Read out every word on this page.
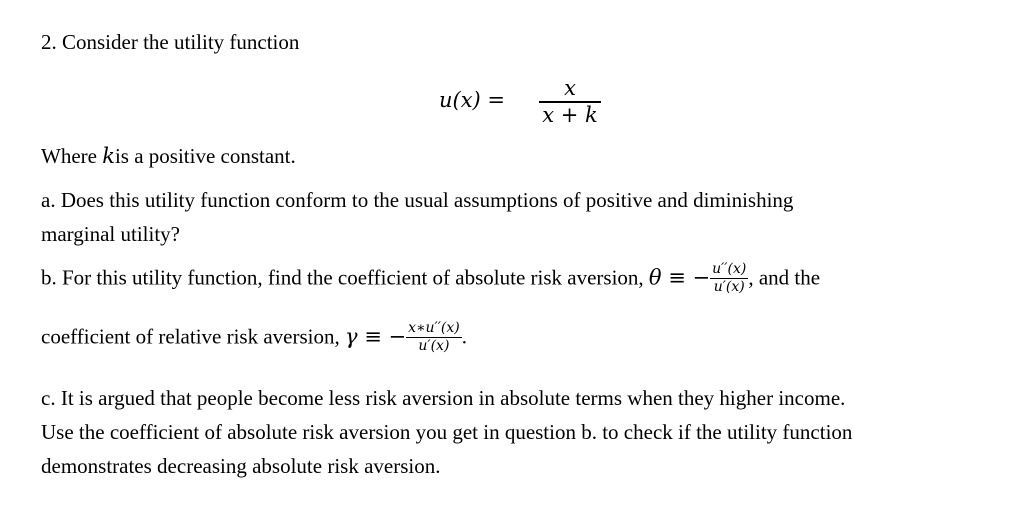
2. Consider the utility function
u(x) =	x
x + k
Where kis a positive constant.
a. Does this utility function conform to the usual assumptions of positive and diminishing
marginal utility?
b. For this utility function, find the coefficient of absolute risk aversion, θ ≡ − $\frac{u''(x)}{u'(x)}$ , and the
coefficient of relative risk aversion, γ ≡ − $\frac{x∗u''(x)}{u'(x)}$ .
c. It is argued that people become less risk aversion in absolute terms when they higher income.
Use the coefficient of absolute risk aversion you get in question b. to check if the utility function
demonstrates decreasing absolute risk aversion.
